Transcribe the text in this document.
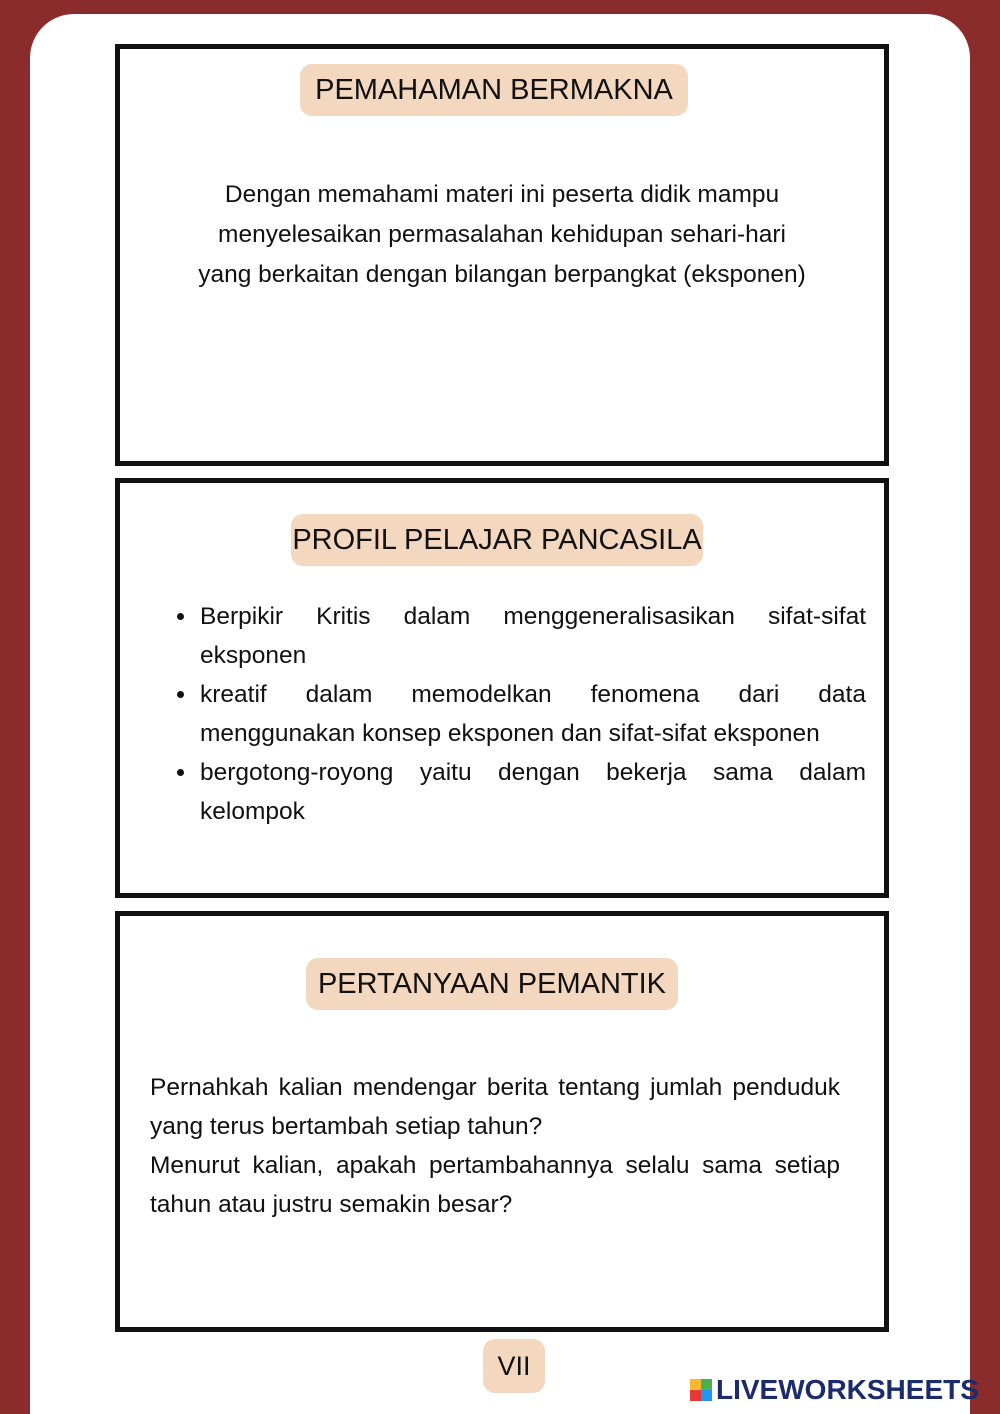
PEMAHAMAN BERMAKNA
Dengan memahami materi ini peserta didik mampu
menyelesaikan permasalahan kehidupan sehari-hari
yang berkaitan dengan bilangan berpangkat (eksponen)
PROFIL PELAJAR PANCASILA
• Berpikir Kritis dalam menggeneralisasikan sifat-sifat eksponen
• kreatif dalam memodelkan fenomena dari data menggunakan konsep eksponen dan sifat-sifat eksponen
• bergotong-royong yaitu dengan bekerja sama dalam kelompok
PERTANYAAN PEMANTIK

Pernahkah kalian mendengar berita tentang jumlah penduduk yang terus bertambah setiap tahun?

Menurut kalian, apakah pertambahannya selalu sama setiap tahun atau justru semakin besar?

VII
LIVEWORKSHEETS
